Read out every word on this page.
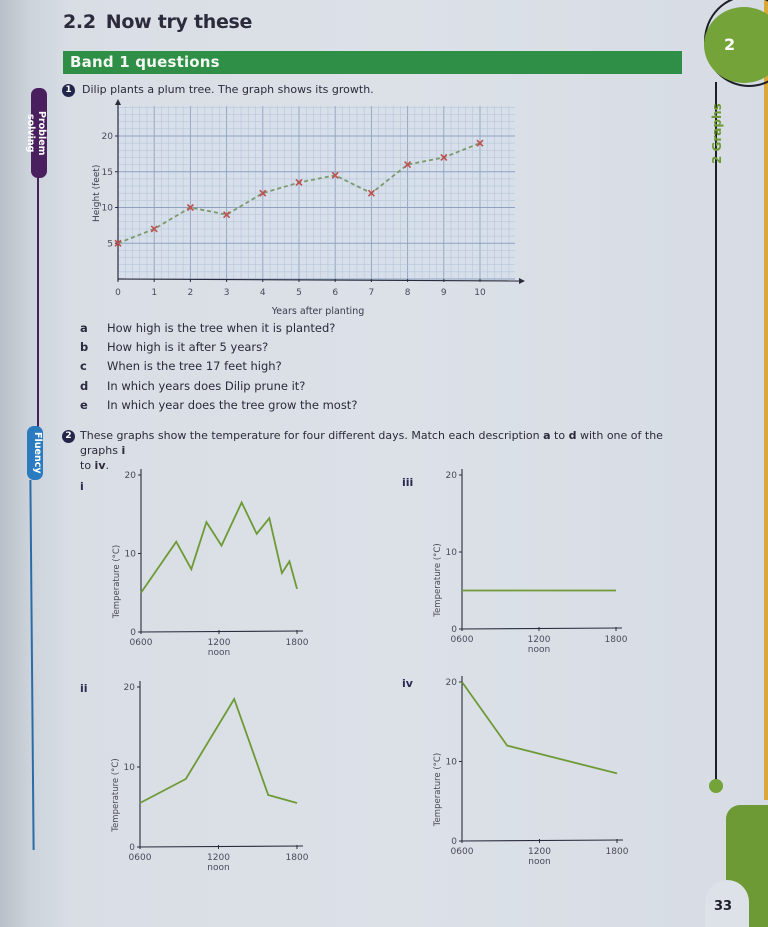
Problem solving
Fluency
2.2 Now try these
Band 1 questions
1 Dilip plants a plum tree. The graph shows its growth.
0	1	2	3	4	5	6	7	8	9	10
5
10
15
20
Height (feet)
Years after planting
a	How high is the tree when it is planted?
b	How high is it after 5 years?
c	When is the tree 17 feet high?
d	In which years does Dilip prune it?
e	In which year does the tree grow the most?
2 These graphs show the temperature for four different days. Match each description a to d with one of the graphs i
to iv.
i
0
10
20
0600	1200
noon
1800
Temperature (°C)
ii
0
10
20
0600	1200
noon
1800
Temperature (°C)
iii
0
10
20
0600	1200
noon
1800
Temperature (°C)
iv
0
10
20
0600	1200
noon
1800
Temperature (°C)
2
2 Graphs
33
